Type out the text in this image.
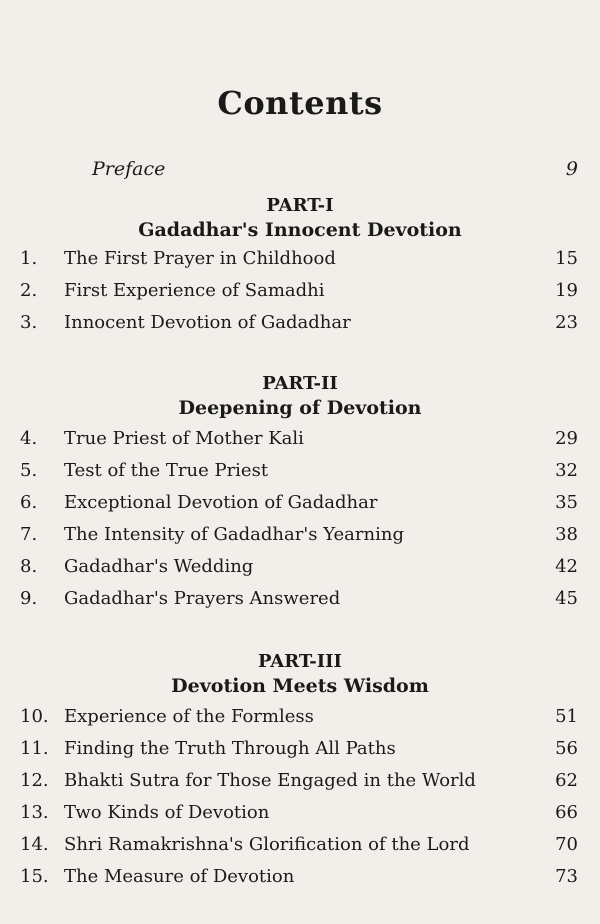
Contents
Preface	9
PART-I
Gadadhar's Innocent Devotion
1.	The First Prayer in Childhood	15
2.	First Experience of Samadhi	19
3.	Innocent Devotion of Gadadhar	23
PART-II
Deepening of Devotion
4.	True Priest of Mother Kali	29
5.	Test of the True Priest	32
6.	Exceptional Devotion of Gadadhar	35
7.	The Intensity of Gadadhar's Yearning	38
8.	Gadadhar's Wedding	42
9.	Gadadhar's Prayers Answered	45
PART-III
Devotion Meets Wisdom
10. Experience of the Formless	51
11. Finding the Truth Through All Paths	56
12. Bhakti Sutra for Those Engaged in the World	62
13. Two Kinds of Devotion	66
14. Shri Ramakrishna's Glorification of the Lord	70
15. The Measure of Devotion	73
